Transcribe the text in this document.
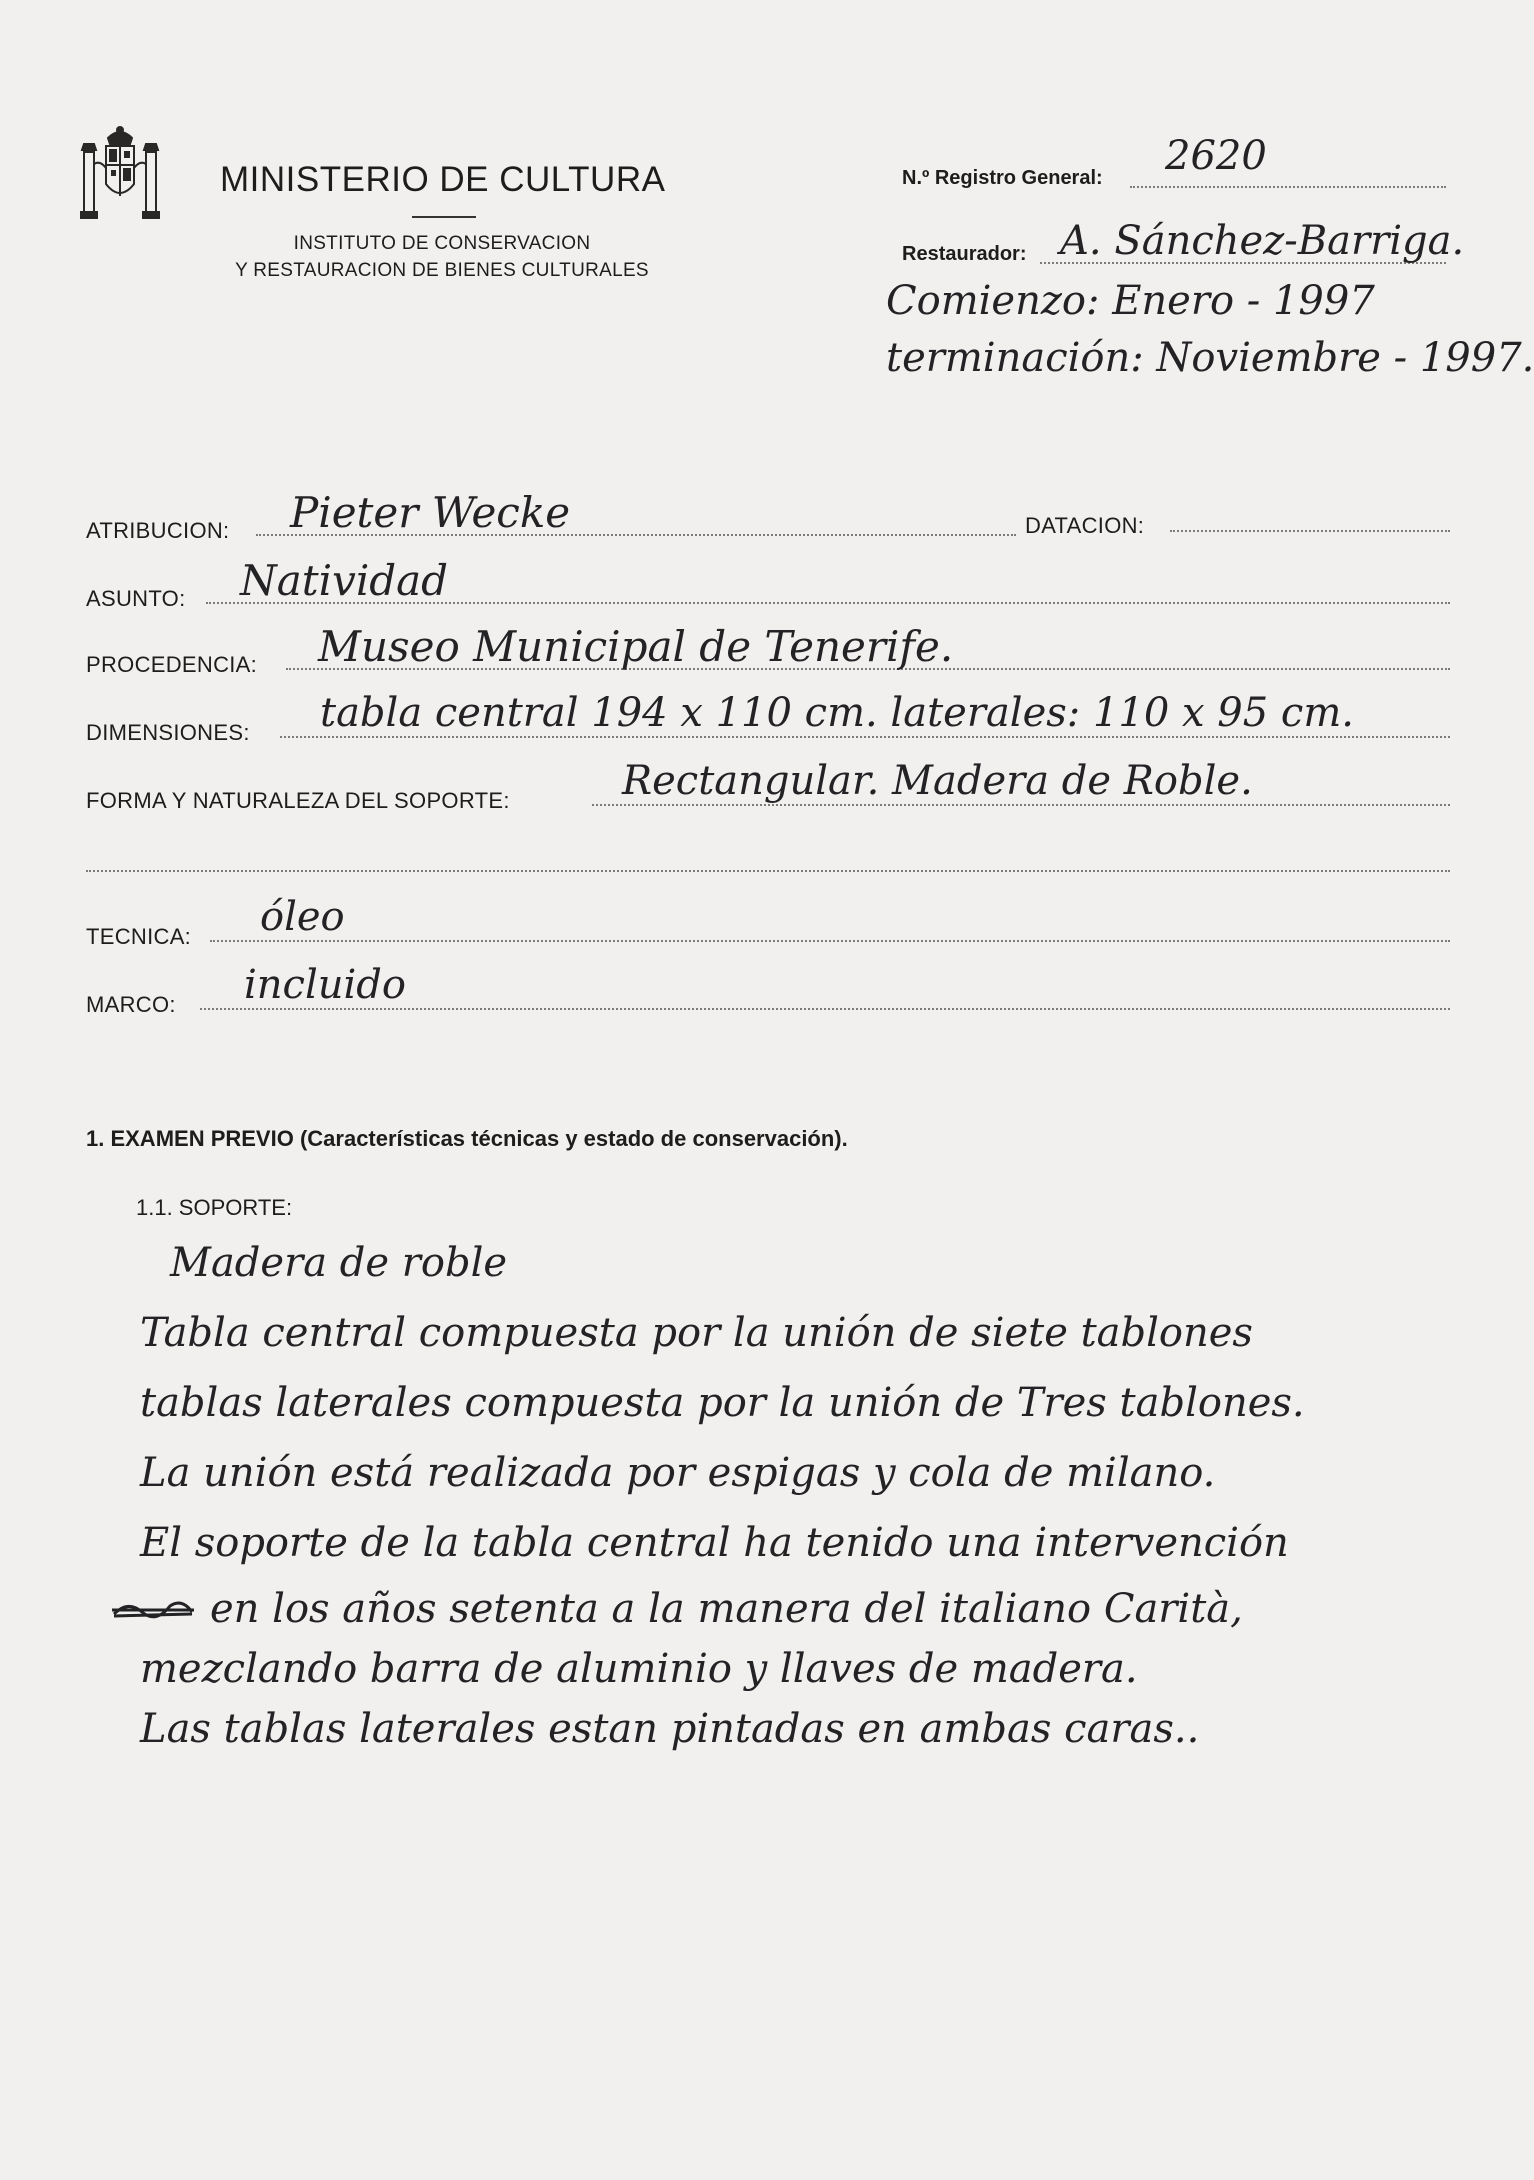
MINISTERIO DE CULTURA
INSTITUTO DE CONSERVACION
Y RESTAURACION DE BIENES CULTURALES
N.º Registro General: 2620
Restaurador: A. Sánchez-Barriga.
Comienzo: Enero - 1997
terminación: Noviembre - 1997.
ATRIBUCION: Pieter Wecke	DATACION:
ASUNTO: Natividad
PROCEDENCIA: Museo Municipal de Tenerife.
DIMENSIONES: tabla central 194 x 110 cm. laterales: 110 x 95 cm.
FORMA Y NATURALEZA DEL SOPORTE:	Rectangular. Madera de Roble.
TECNICA: óleo
MARCO: incluido
1. EXAMEN PREVIO (Características técnicas y estado de conservación).
1.1. SOPORTE:
Madera de roble
Tabla central compuesta por la unión de siete tablones
tablas laterales compuesta por la unión de Tres tablones.
La unión está realizada por espigas y cola de milano.
El soporte de la tabla central ha tenido una intervención
en los años setenta a la manera del italiano Carità,
mezclando barra de aluminio y llaves de madera.
Las tablas laterales estan pintadas en ambas caras..
